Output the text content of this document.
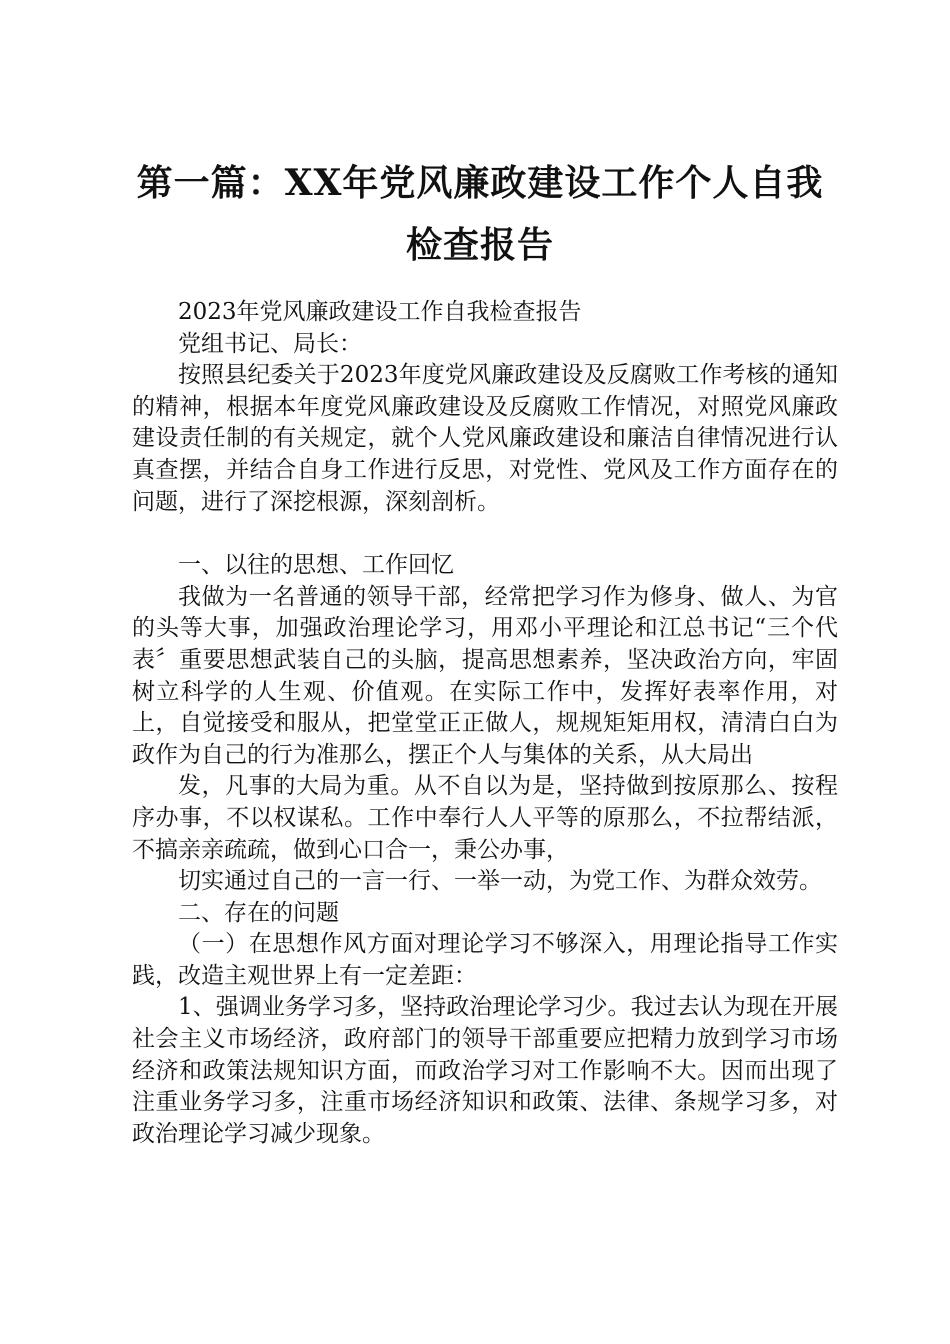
第一篇：XX年党风廉政建设工作个人自我检查报告

2023年党风廉政建设工作自我检查报告

党组书记、局长：

按照县纪委关于2023年度党风廉政建设及反腐败工作考核的通知的精神，根据本年度党风廉政建设及反腐败工作情况，对照党风廉政建设责任制的有关规定，就个人党风廉政建设和廉洁自律情况进行认真查摆，并结合自身工作进行反思，对党性、党风及工作方面存在的问题，进行了深挖根源，深刻剖析。

一、以往的思想、工作回忆

我做为一名普通的领导干部，经常把学习作为修身、做人、为官的头等大事，加强政治理论学习，用邓小平理论和江总书记“三个代表〞重要思想武装自己的头脑，提高思想素养，坚决政治方向，牢固树立科学的人生观、价值观。在实际工作中，发挥好表率作用，对上，自觉接受和服从，把堂堂正正做人，规规矩矩用权，清清白白为政作为自己的行为准那么，摆正个人与集体的关系，从大局出

发，凡事的大局为重。从不自以为是，坚持做到按原那么、按程序办事，不以权谋私。工作中奉行人人平等的原那么，不拉帮结派，不搞亲亲疏疏，做到心口合一，秉公办事，

切实通过自己的一言一行、一举一动，为党工作、为群众效劳。

二、存在的问题

（一）在思想作风方面对理论学习不够深入，用理论指导工作实践，改造主观世界上有一定差距：

1、强调业务学习多，坚持政治理论学习少。我过去认为现在开展社会主义市场经济，政府部门的领导干部重要应把精力放到学习市场经济和政策法规知识方面，而政治学习对工作影响不大。因而出现了注重业务学习多，注重市场经济知识和政策、法律、条规学习多，对政治理论学习减少现象。
